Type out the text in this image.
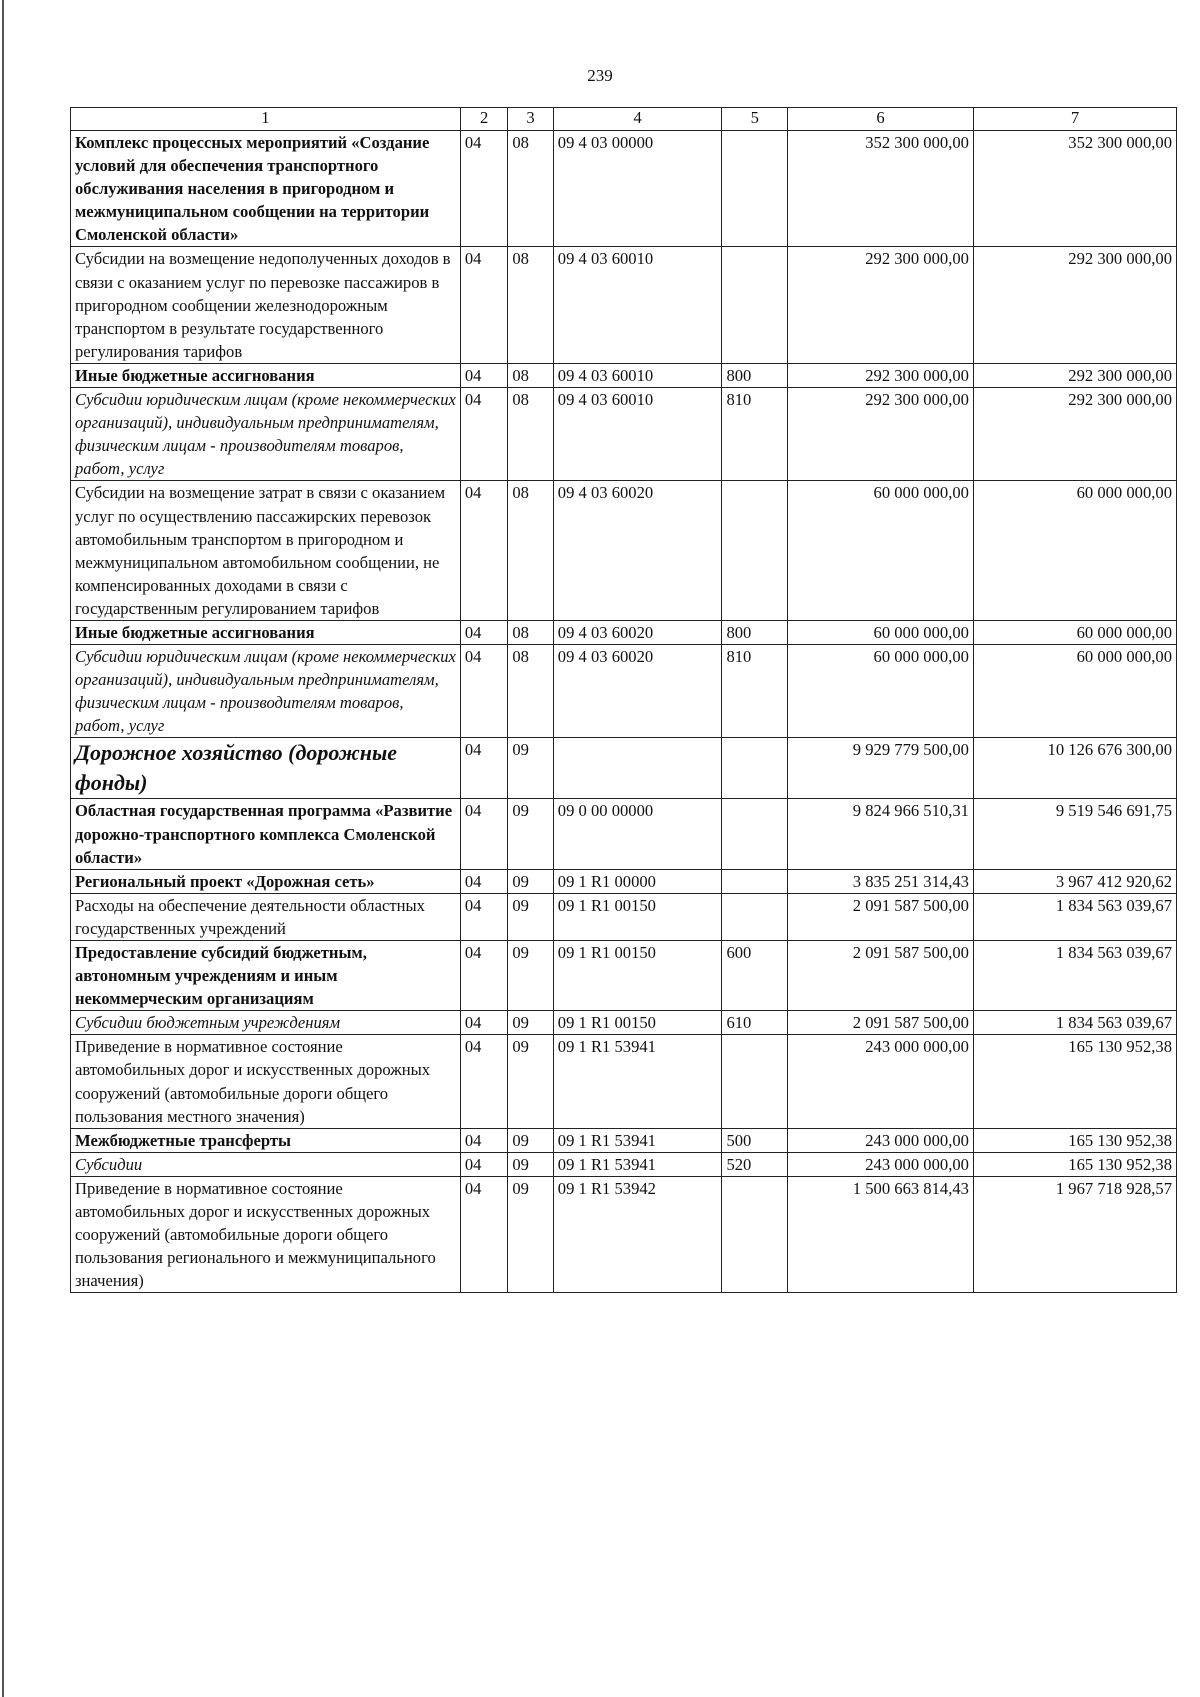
239
1	2	3	4	5	6	7
Комплекс процессных мероприятий «Создание условий для обеспечения транспортного обслуживания населения в пригородном и межмуниципальном сообщении на территории Смоленской области»	04	08	09 4 03 00000		352 300 000,00	352 300 000,00
Субсидии на возмещение недополученных доходов в связи с оказанием услуг по перевозке пассажиров в пригородном сообщении железнодорожным транспортом в результате государственного регулирования тарифов	04	08	09 4 03 60010		292 300 000,00	292 300 000,00
Иные бюджетные ассигнования	04	08	09 4 03 60010	800	292 300 000,00	292 300 000,00
Субсидии юридическим лицам (кроме некоммерческих организаций), индивидуальным предпринимателям, физическим лицам - производителям товаров, работ, услуг	04	08	09 4 03 60010	810	292 300 000,00	292 300 000,00
Субсидии на возмещение затрат в связи с оказанием услуг по осуществлению пассажирских перевозок автомобильным транспортом в пригородном и межмуниципальном автомобильном сообщении, не компенсированных доходами в связи с государственным регулированием тарифов	04	08	09 4 03 60020		60 000 000,00	60 000 000,00
Иные бюджетные ассигнования	04	08	09 4 03 60020	800	60 000 000,00	60 000 000,00
Субсидии юридическим лицам (кроме некоммерческих организаций), индивидуальным предпринимателям, физическим лицам - производителям товаров, работ, услуг	04	08	09 4 03 60020	810	60 000 000,00	60 000 000,00
Дорожное хозяйство (дорожные фонды)	04	09			9 929 779 500,00	10 126 676 300,00
Областная государственная программа «Развитие дорожно-транспортного комплекса Смоленской области»	04	09	09 0 00 00000		9 824 966 510,31	9 519 546 691,75
Региональный проект «Дорожная сеть»	04	09	09 1 R1 00000		3 835 251 314,43	3 967 412 920,62
Расходы на обеспечение деятельности областных государственных учреждений	04	09	09 1 R1 00150		2 091 587 500,00	1 834 563 039,67
Предоставление субсидий бюджетным, автономным учреждениям и иным некоммерческим организациям	04	09	09 1 R1 00150	600	2 091 587 500,00	1 834 563 039,67
Субсидии бюджетным учреждениям	04	09	09 1 R1 00150	610	2 091 587 500,00	1 834 563 039,67
Приведение в нормативное состояние автомобильных дорог и искусственных дорожных сооружений (автомобильные дороги общего пользования местного значения)	04	09	09 1 R1 53941		243 000 000,00	165 130 952,38
Межбюджетные трансферты	04	09	09 1 R1 53941	500	243 000 000,00	165 130 952,38
Субсидии	04	09	09 1 R1 53941	520	243 000 000,00	165 130 952,38
Приведение в нормативное состояние автомобильных дорог и искусственных дорожных сооружений (автомобильные дороги общего пользования регионального и межмуниципального значения)	04	09	09 1 R1 53942		1 500 663 814,43	1 967 718 928,57
